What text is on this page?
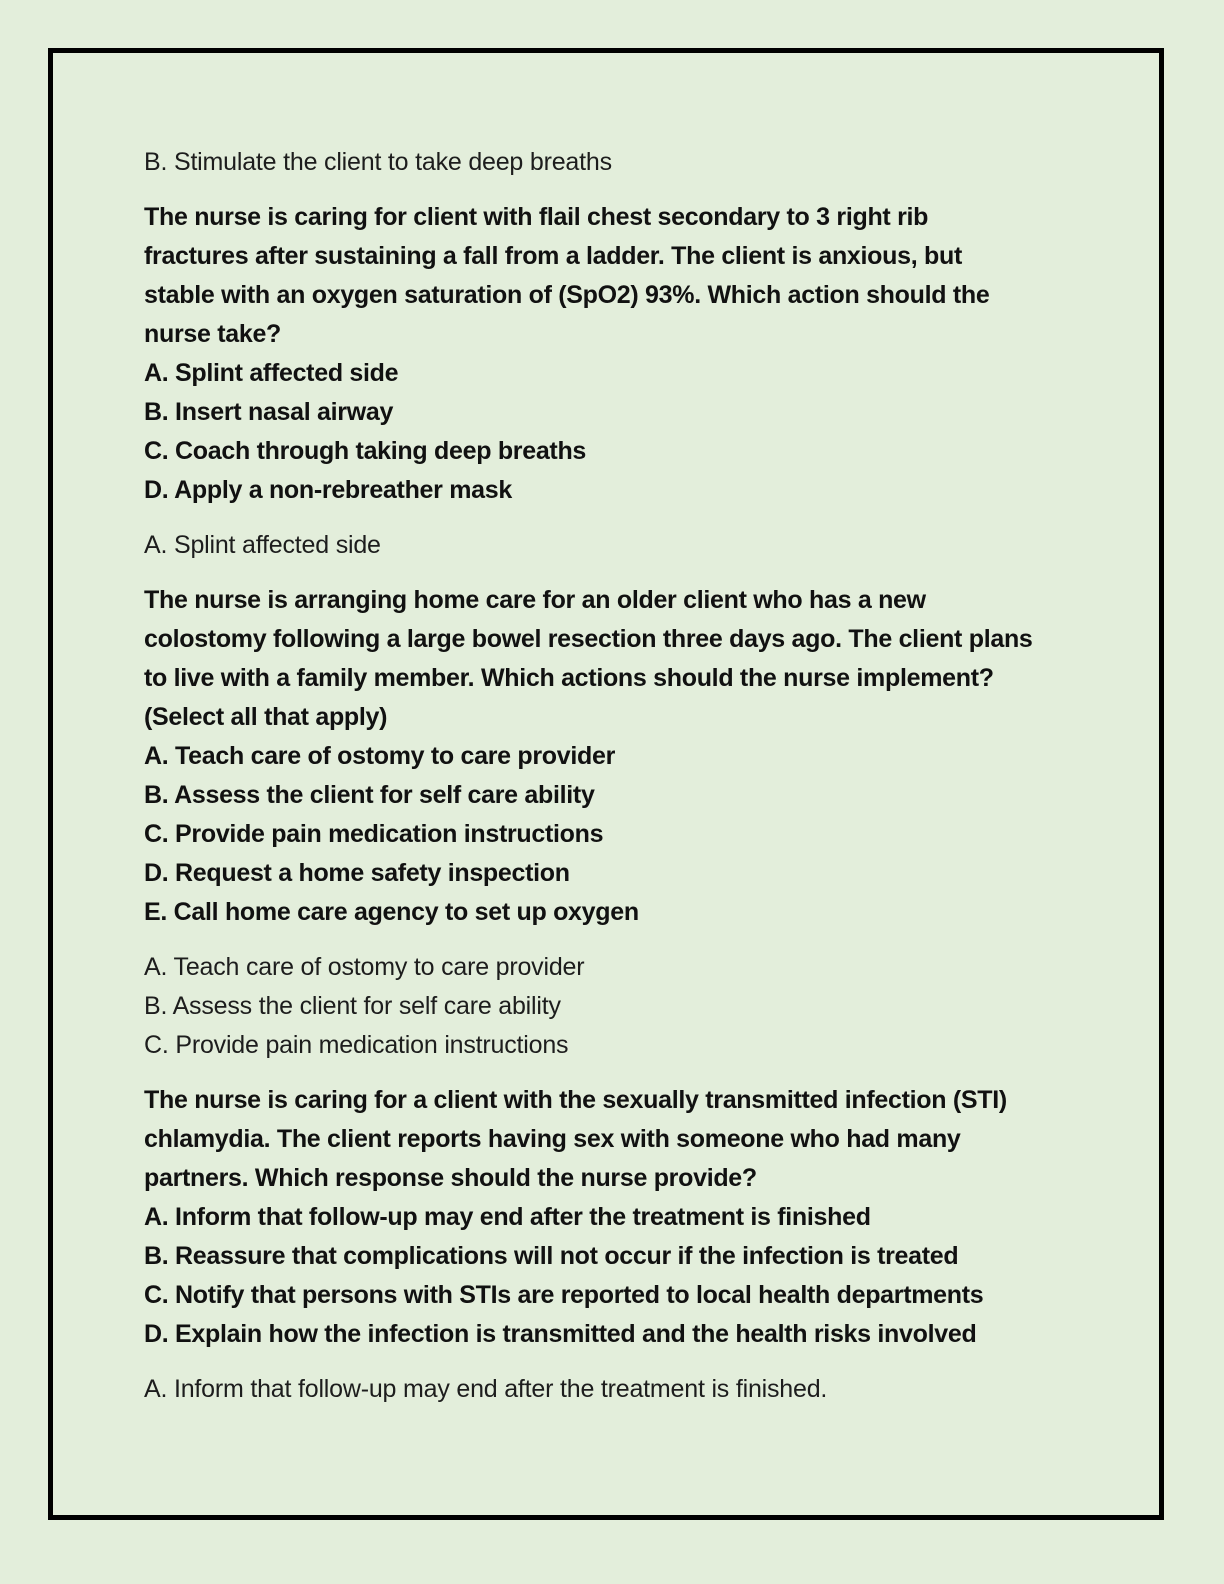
B. Stimulate the client to take deep breaths
The nurse is caring for client with flail chest secondary to 3 right rib
fractures after sustaining a fall from a ladder. The client is anxious, but
stable with an oxygen saturation of (SpO2) 93%. Which action should the
nurse take?
A. Splint affected side
B. Insert nasal airway
C. Coach through taking deep breaths
D. Apply a non-rebreather mask
A. Splint affected side
The nurse is arranging home care for an older client who has a new
colostomy following a large bowel resection three days ago. The client plans
to live with a family member. Which actions should the nurse implement?
(Select all that apply)
A. Teach care of ostomy to care provider
B. Assess the client for self care ability
C. Provide pain medication instructions
D. Request a home safety inspection
E. Call home care agency to set up oxygen
A. Teach care of ostomy to care provider
B. Assess the client for self care ability
C. Provide pain medication instructions
The nurse is caring for a client with the sexually transmitted infection (STI)
chlamydia. The client reports having sex with someone who had many
partners. Which response should the nurse provide?
A. Inform that follow-up may end after the treatment is finished
B. Reassure that complications will not occur if the infection is treated
C. Notify that persons with STIs are reported to local health departments
D. Explain how the infection is transmitted and the health risks involved
A. Inform that follow-up may end after the treatment is finished.
